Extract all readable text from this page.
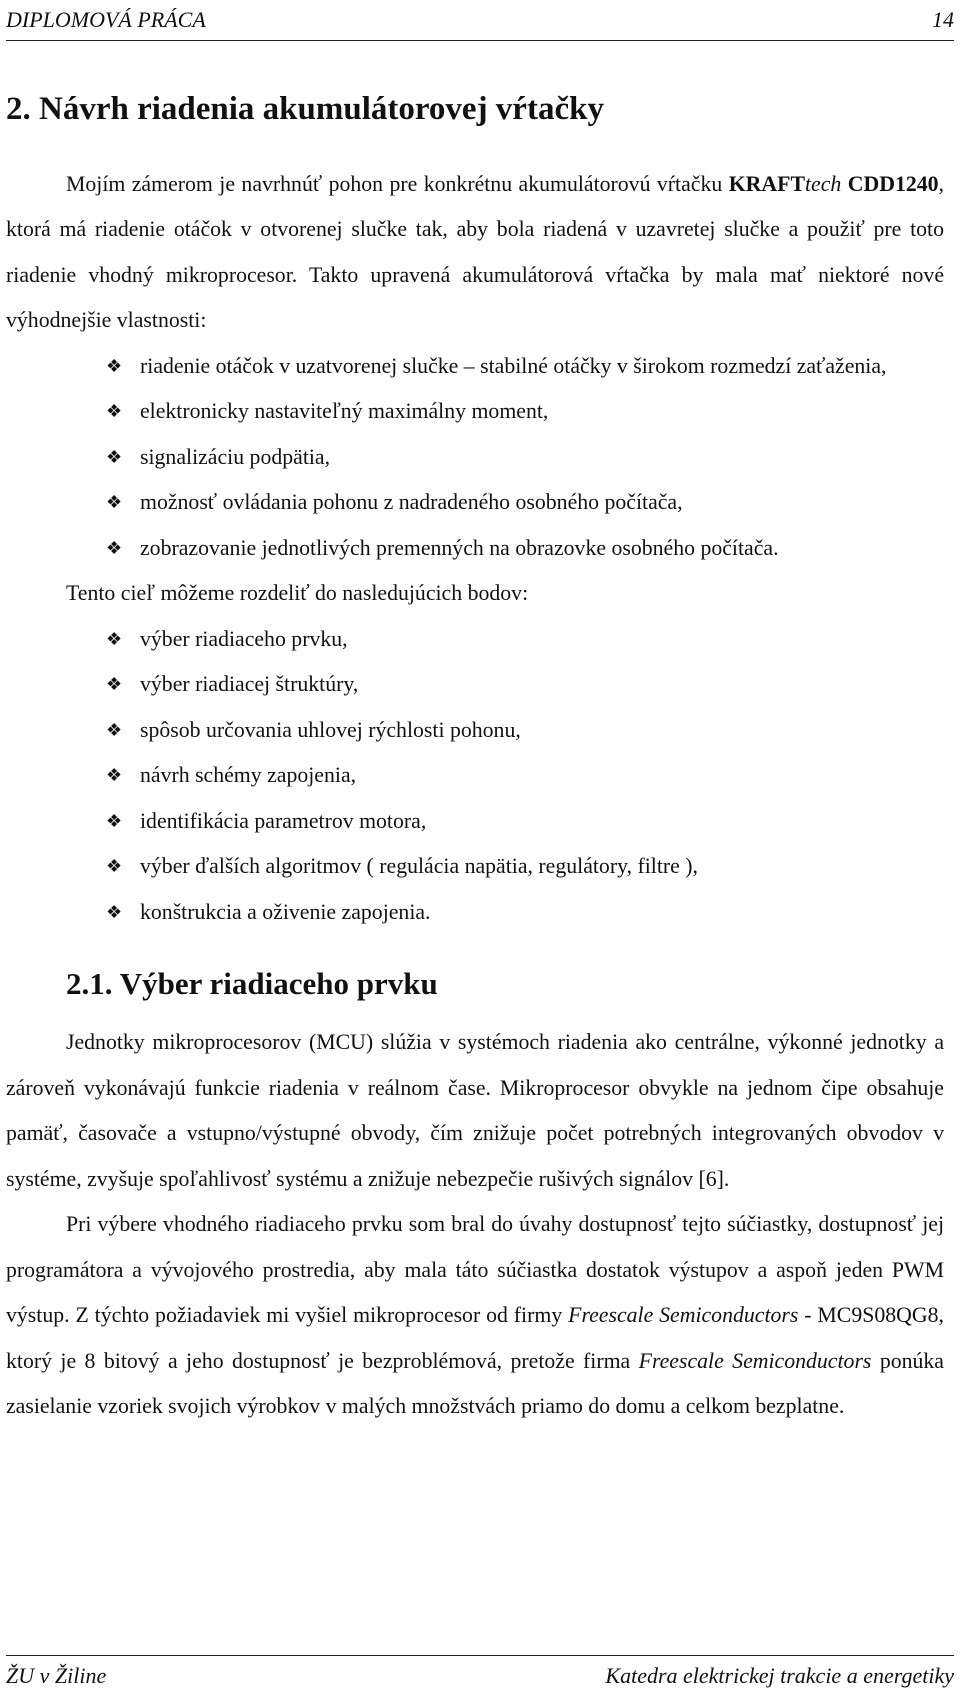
DIPLOMOVÁ PRÁCA	14
2. Návrh riadenia akumulátorovej vŕtačky

Mojím zámerom je navrhnúť pohon pre konkrétnu akumulátorovú vŕtačku KRAFTtech CDD1240, ktorá má riadenie otáčok v otvorenej slučke tak, aby bola riadená v uzavretej slučke a použiť pre toto riadenie vhodný mikroprocesor. Takto upravená akumulátorová vŕtačka by mala mať niektoré nové výhodnejšie vlastnosti:

❖ riadenie otáčok v uzatvorenej slučke – stabilné otáčky v širokom rozmedzí zaťaženia,
❖ elektronicky nastaviteľný maximálny moment,
❖ signalizáciu podpätia,
❖ možnosť ovládania pohonu z nadradeného osobného počítača,
❖ zobrazovanie jednotlivých premenných na obrazovke osobného počítača.

Tento cieľ môžeme rozdeliť do nasledujúcich bodov:

❖ výber riadiaceho prvku,
❖ výber riadiacej štruktúry,
❖ spôsob určovania uhlovej rýchlosti pohonu,
❖ návrh schémy zapojenia,
❖ identifikácia parametrov motora,
❖ výber ďalších algoritmov ( regulácia napätia, regulátory, filtre ),
❖ konštrukcia a oživenie zapojenia.
2.1. Výber riadiaceho prvku

Jednotky mikroprocesorov (MCU) slúžia v systémoch riadenia ako centrálne, výkonné jednotky a zároveň vykonávajú funkcie riadenia v reálnom čase. Mikroprocesor obvykle na jednom čipe obsahuje pamäť, časovače a vstupno/výstupné obvody, čím znižuje počet potrebných integrovaných obvodov v systéme, zvyšuje spoľahlivosť systému a znižuje nebezpečie rušivých signálov [6].

Pri výbere vhodného riadiaceho prvku som bral do úvahy dostupnosť tejto súčiastky, dostupnosť jej programátora a vývojového prostredia, aby mala táto súčiastka dostatok výstupov a aspoň jeden PWM výstup. Z týchto požiadaviek mi vyšiel mikroprocesor od firmy Freescale Semiconductors - MC9S08QG8, ktorý je 8 bitový a jeho dostupnosť je bezproblémová, pretože firma Freescale Semiconductors ponúka zasielanie vzoriek svojich výrobkov v malých množstvách priamo do domu a celkom bezplatne.

ŽU v Žiline	Katedra elektrickej trakcie a energetiky
